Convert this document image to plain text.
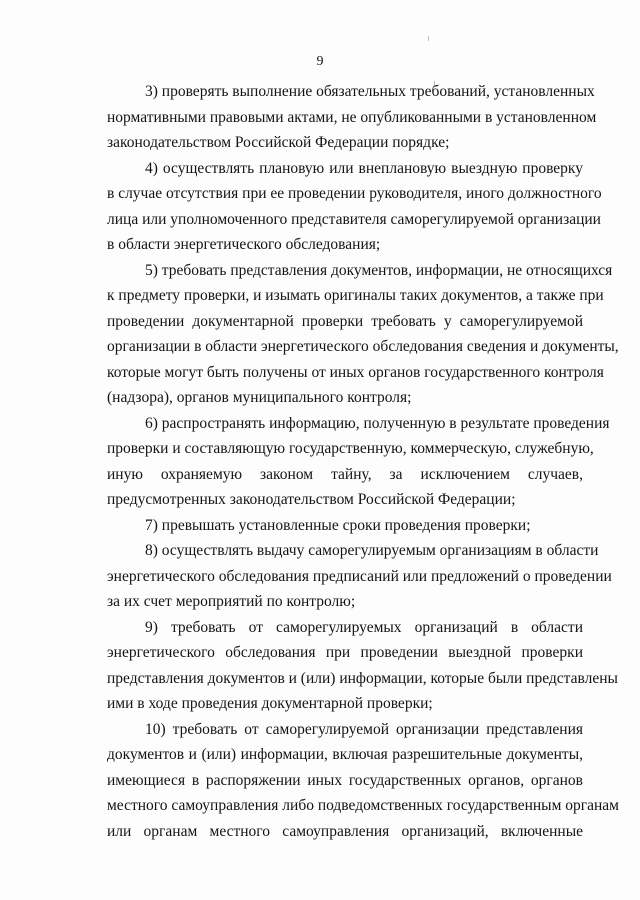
9

3) проверять выполнение обязательных требований, установленных
нормативными правовыми актами, не опубликованными в установленном
законодательством Российской Федерации порядке;

4) осуществлять плановую или внеплановую выездную проверку
в случае отсутствия при ее проведении руководителя, иного должностного
лица или уполномоченного представителя саморегулируемой организации
в области энергетического обследования;

5) требовать представления документов, информации, не относящихся
к предмету проверки, и изымать оригиналы таких документов, а также при
проведении документарной проверки требовать у саморегулируемой
организации в области энергетического обследования сведения и документы,
которые могут быть получены от иных органов государственного контроля
(надзора), органов муниципального контроля;

6) распространять информацию, полученную в результате проведения
проверки и составляющую государственную, коммерческую, служебную,
иную охраняемую законом тайну, за исключением случаев,
предусмотренных законодательством Российской Федерации;

7) превышать установленные сроки проведения проверки;

8) осуществлять выдачу саморегулируемым организациям в области
энергетического обследования предписаний или предложений о проведении
за их счет мероприятий по контролю;

9) требовать от саморегулируемых организаций в области
энергетического обследования при проведении выездной проверки
представления документов и (или) информации, которые были представлены
ими в ходе проведения документарной проверки;

10) требовать от саморегулируемой организации представления
документов и (или) информации, включая разрешительные документы,
имеющиеся в распоряжении иных государственных органов, органов
местного самоуправления либо подведомственных государственным органам
или органам местного самоуправления организаций, включенные
